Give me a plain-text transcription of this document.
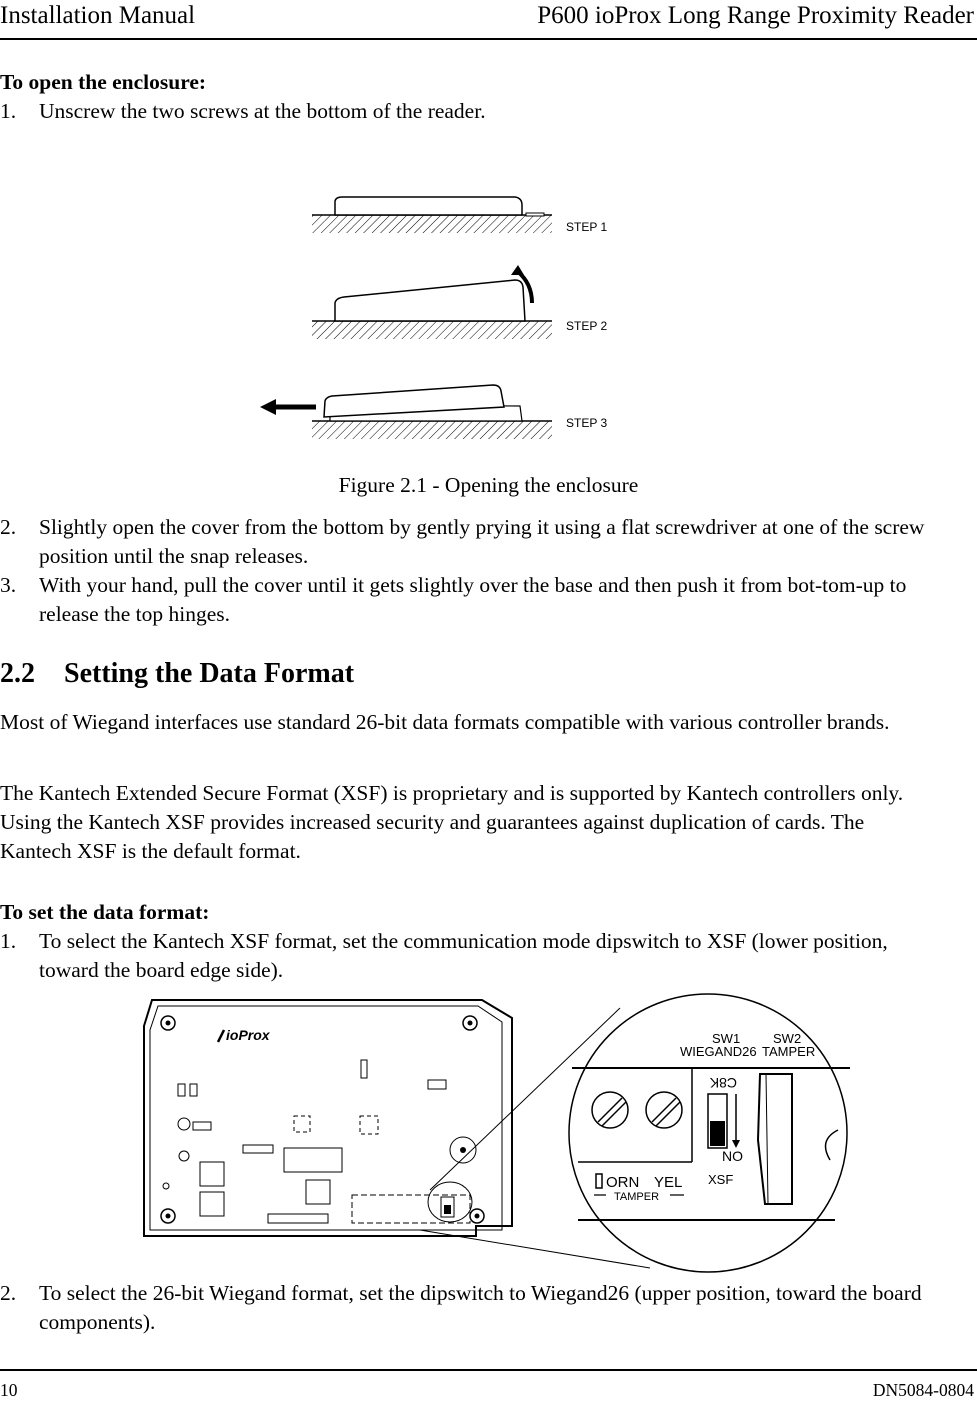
Installation Manual	P600 ioProx Long Range Proximity Reader
To open the enclosure:
1. Unscrew the two screws at the bottom of the reader.
STEP 1
STEP 2
STEP 3
Figure 2.1 - Opening the enclosure
2. Slightly open the cover from the bottom by gently prying it using a flat screwdriver at one of the screw position until the snap releases.
3. With your hand, pull the cover until it gets slightly over the base and then push it from bot-tom-up to release the top hinges.
2.2 Setting the Data Format
Most of Wiegand interfaces use standard 26-bit data formats compatible with various controller brands.
The Kantech Extended Secure Format (XSF) is proprietary and is supported by Kantech controllers only. Using the Kantech XSF provides increased security and guarantees against duplication of cards. The Kantech XSF is the default format.
To set the data format:
1. To select the Kantech XSF format, set the communication mode dipswitch to XSF (lower position, toward the board edge side).
ioProx	SW1
WIEGAND26
SW2
TAMPER
ORN YEL
TAMPER
C8K
NO
XSF
2. To select the 26-bit Wiegand format, set the dipswitch to Wiegand26 (upper position, toward the board components).
10	DN5084-0804
